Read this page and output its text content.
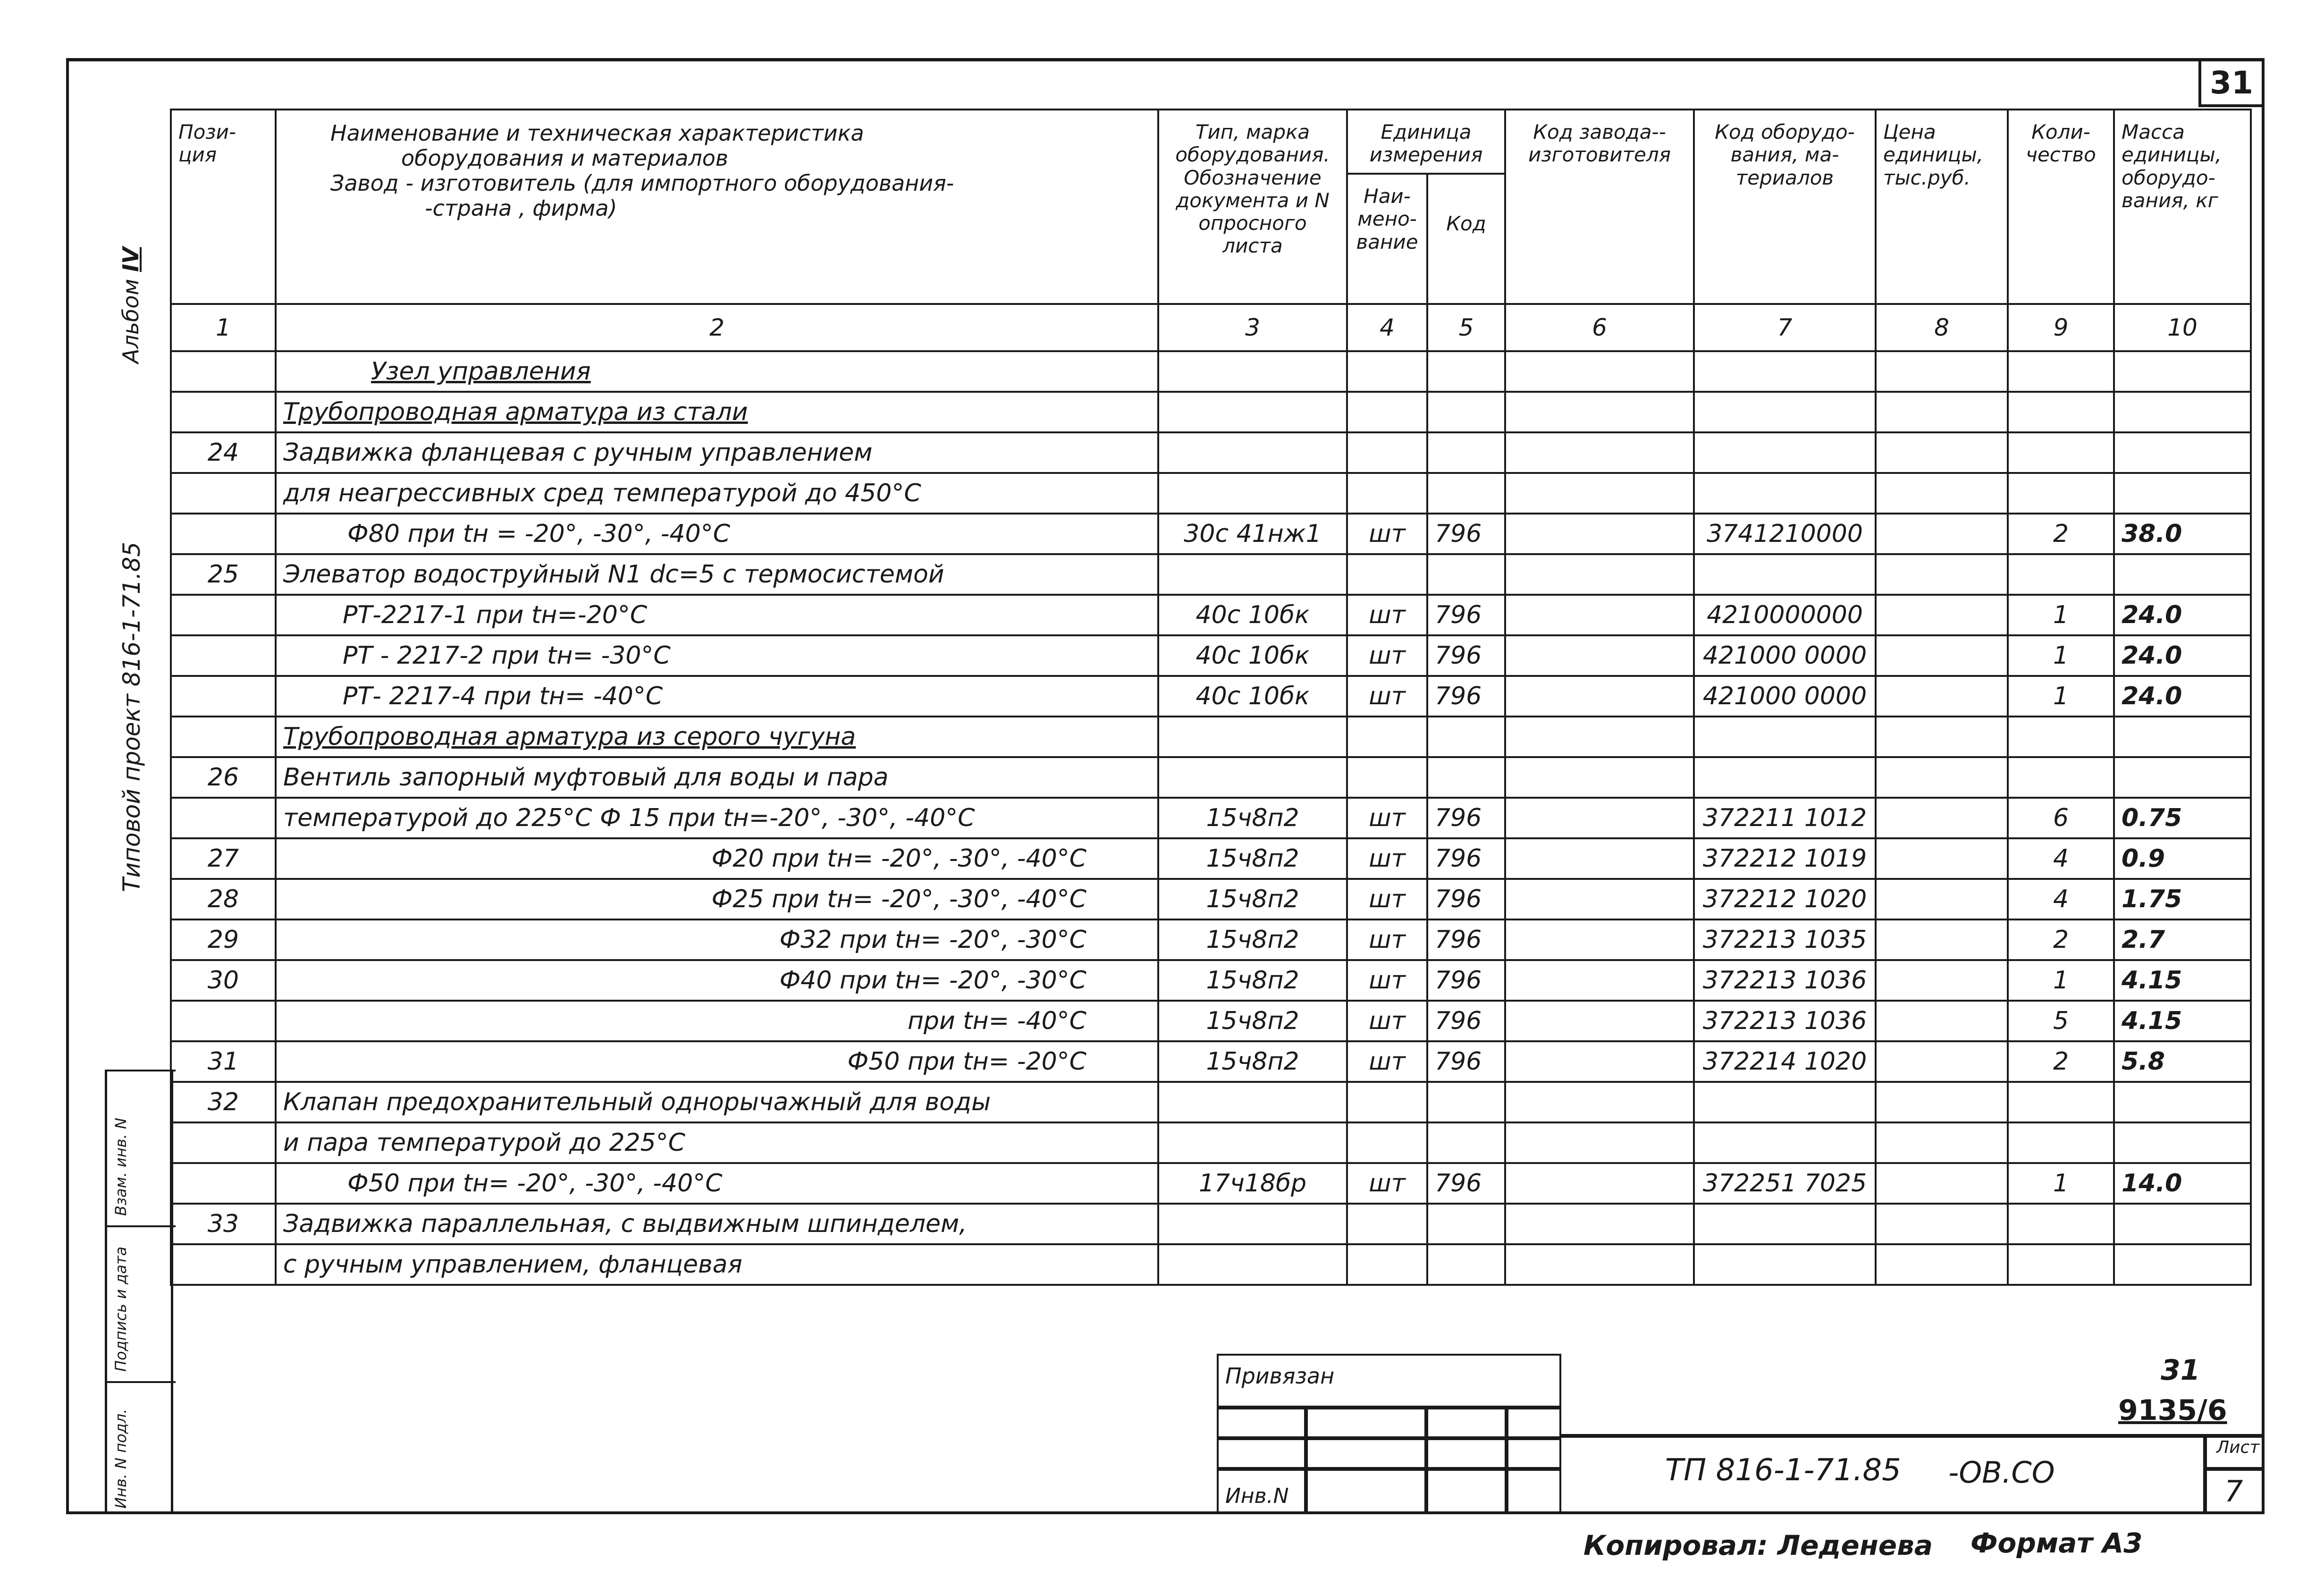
31
Альбом IV
Типовой проект 816-1-71.85
Взам. инв. N
Подпись и дата
Инв. N подл.
Пози-ция	Наименование и техническая характеристика
оборудования и материалов
Завод - изготовитель (для импортного оборудования-
-страна , фирма)	Тип, марка оборудования. Обозначение документа и N опросного листа	Единица измерения		Код завода--изготовителя	Код оборудо-вания, ма-териалов	Цена единицы, тыс.руб.	Коли-чество	Масса единицы, оборудо-вания, кг
			Наи-мено-вание	Код					
1	2	3	4	5	6	7	8	9	10
	Узел управления								
	Трубопроводная арматура из стали								
24	Задвижка фланцевая с ручным управлением								
	для неагрессивных сред температурой до 450°С								
	Ф80 при tн = -20°, -30°, -40°С	30с 41нж1	шт	796		3741210000		2	38.0
25	Элеватор водоструйный N1 dc=5 с термосистемой								
	РТ-2217-1 при tн=-20°С	40с 10бк	шт	796		4210000000		1	24.0
	РТ - 2217-2 при tн= -30°С	40с 10бк	шт	796		421000 0000		1	24.0
	РТ- 2217-4 при tн= -40°С	40с 10бк	шт	796		421000 0000		1	24.0
	Трубопроводная арматура из серого чугуна								
26	Вентиль запорный муфтовый для воды и пара								
	температурой до 225°С Ф 15 при tн=-20°, -30°, -40°С	15ч8п2	шт	796		372211 1012		6	0.75
27	Ф20 при tн= -20°, -30°, -40°С	15ч8п2	шт	796		372212 1019		4	0.9
28	Ф25 при tн= -20°, -30°, -40°С	15ч8п2	шт	796		372212 1020		4	1.75
29	Ф32 при tн= -20°, -30°С	15ч8п2	шт	796		372213 1035		2	2.7
30	Ф40 при tн= -20°, -30°С	15ч8п2	шт	796		372213 1036		1	4.15
	при tн= -40°С	15ч8п2	шт	796		372213 1036		5	4.15
31	Ф50 при tн= -20°С	15ч8п2	шт	796		372214 1020		2	5.8
32	Клапан предохранительный однорычажный для воды								
	и пара температурой до 225°С								
	Ф50 при tн= -20°, -30°, -40°С	17ч18бр	шт	796		372251 7025		1	14.0
33	Задвижка параллельная, с выдвижным шпинделем,								
	с ручным управлением, фланцевая								

Привязан
Инв.N
ТП 816-1-71.85 -ОВ.СО
Лист
7
31
9135/6
Копировал: Леденева Формат А3
